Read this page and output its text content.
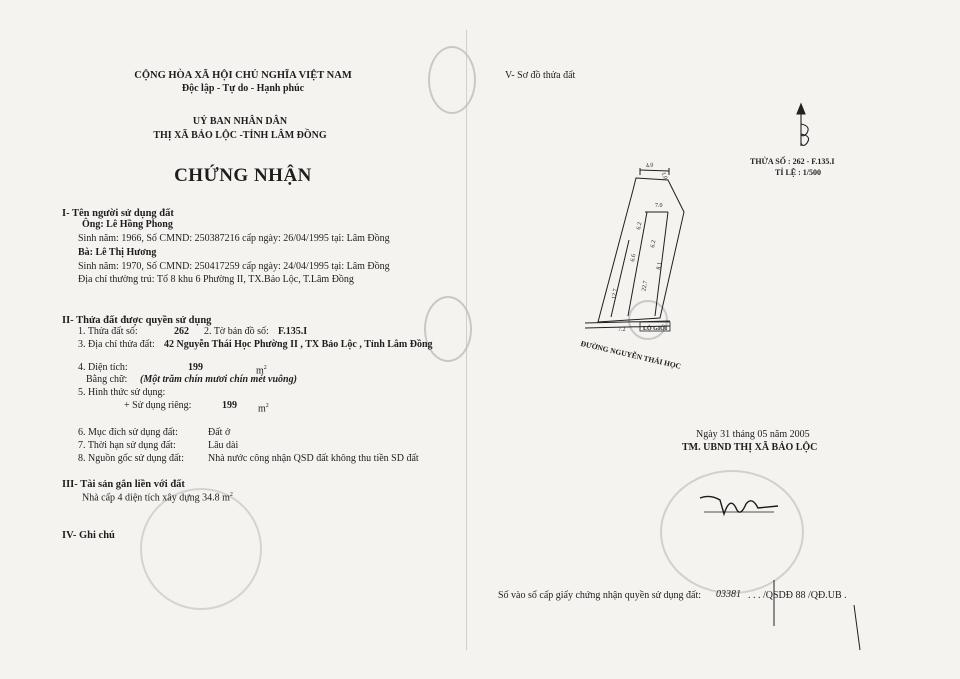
CỘNG HÒA XÃ HỘI CHỦ NGHĨA VIỆT NAM
Độc lập - Tự do - Hạnh phúc
UỶ BAN NHÂN DÂN
THỊ XÃ BẢO LỘC -TỈNH LÂM ĐỒNG
CHỨNG NHẬN
I- Tên người sử dụng đất
Ông: Lê Hồng Phong
Sinh năm: 1966, Số CMND: 250387216 cấp ngày: 26/04/1995 tại: Lâm Đồng
Bà: Lê Thị Hương
Sinh năm: 1970, Số CMND: 250417259 cấp ngày: 24/04/1995 tại: Lâm Đồng
Địa chỉ thường trú: Tổ 8 khu 6 Phường II, TX.Bảo Lộc, T.Lâm Đồng
II- Thửa đất được quyền sử dụng
1. Thửa đất số:	262 2. Tờ bản đồ số: F.135.I
3. Địa chỉ thửa đất: 42 Nguyễn Thái Học Phường II , TX Bảo Lộc , Tỉnh Lâm Đồng
4. Diện tích:	199	$m^2$
Bằng chữ: (Một trăm chín mươi chín mét vuông)
5. Hình thức sử dụng:
+ Sử dụng riêng:	199 $m^2$
6. Mục đích sử dụng đất:	Đất ở
7. Thời hạn sử dụng đất:	Lâu dài
8. Nguồn gốc sử dụng đất: Nhà nước công nhận QSD đất không thu tiền SD đất
III- Tài sản gắn liền với đất
Nhà cấp 4 diện tích xây dựng 34.8 $m^2$
IV- Ghi chú
V- Sơ đồ thửa đất
THỬA SỐ : 262 - F.135.I
TỈ LỆ : 1/500
4.0
1.0
7.0
6.2
6.2
6.6
8.1
22.7
12.7
7.2	LỘ GIỚI
ĐƯỜNG NGUYỄN THÁI HỌC
Ngày 31 tháng 05 năm 2005
TM. UBND THỊ XÃ BẢO LỘC
Số vào sổ cấp giấy chứng nhận quyền sử dụng đất: 03381 . . . /QSDĐ 88 /QĐ.UB .
